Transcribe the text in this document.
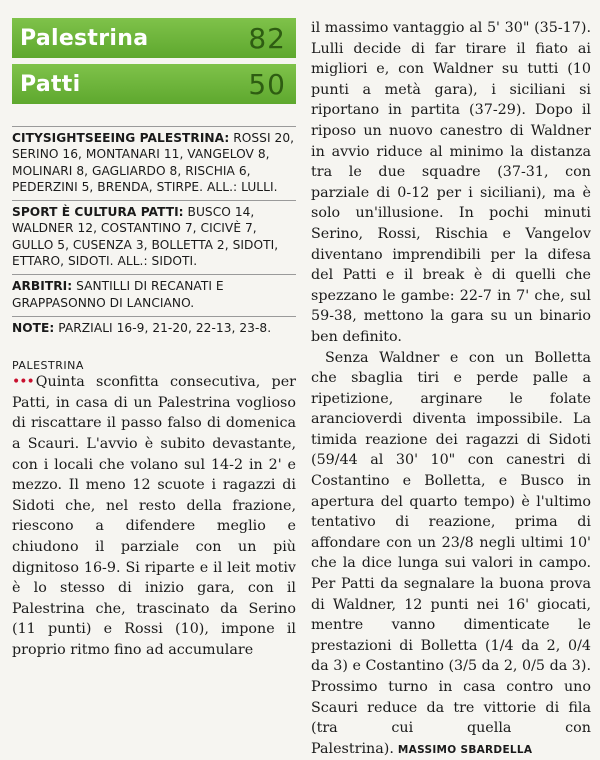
Palestrina	82
Patti	50
CITYSIGHTSEEING PALESTRINA: ROSSI 20, SERINO 16, MONTANARI 11, VANGELOV 8, MOLINARI 8, GAGLIARDO 8, RISCHIA 6, PEDERZINI 5, BRENDA, STIRPE. ALL.: LULLI.
SPORT È CULTURA PATTI: BUSCO 14, WALDNER 12, COSTANTINO 7, CICIVÈ 7, GULLO 5, CUSENZA 3, BOLLETTA 2, SIDOTI, ETTARO, SIDOTI. ALL.: SIDOTI.
ARBITRI: SANTILLI DI RECANATI E GRAPPASONNO DI LANCIANO.
NOTE: PARZIALI 16-9, 21-20, 22-13, 23-8.
PALESTRINA

••• Quinta sconfitta consecutiva, per Patti, in casa di un Palestrina voglioso di riscattare il passo falso di domenica a Scauri. L'avvio è subito devastante, con i locali che volano sul 14-2 in 2' e mezzo. Il meno 12 scuote i ragazzi di Sidoti che, nel resto della frazione, riescono a difendere meglio e chiudono il parziale con un più dignitoso 16-9. Si riparte e il leit motiv è lo stesso di inizio gara, con il Palestrina che, trascinato da Serino (11 punti) e Rossi (10), impone il proprio ritmo fino ad accumulare

il massimo vantaggio al 5' 30" (35-17). Lulli decide di far tirare il fiato ai migliori e, con Waldner su tutti (10 punti a metà gara), i siciliani si riportano in partita (37-29). Dopo il riposo un nuovo canestro di Waldner in avvio riduce al minimo la distanza tra le due squadre (37-31, con parziale di 0-12 per i siciliani), ma è solo un'illusione. In pochi minuti Serino, Rossi, Rischia e Vangelov diventano imprendibili per la difesa del Patti e il break è di quelli che spezzano le gambe: 22-7 in 7' che, sul 59-38, mettono la gara su un binario ben definito.

Senza Waldner e con un Bolletta che sbaglia tiri e perde palle a ripetizione, arginare le folate arancioverdi diventa impossibile. La timida reazione dei ragazzi di Sidoti (59/44 al 30' 10" con canestri di Costantino e Bolletta, e Busco in apertura del quarto tempo) è l'ultimo tentativo di reazione, prima di affondare con un 23/8 negli ultimi 10' che la dice lunga sui valori in campo. Per Patti da segnalare la buona prova di Waldner, 12 punti nei 16' giocati, mentre vanno dimenticate le prestazioni di Bolletta (1/4 da 2, 0/4 da 3) e Costantino (3/5 da 2, 0/5 da 3). Prossimo turno in casa contro uno Scauri reduce da tre vittorie di fila (tra cui quella con Palestrina). MASSIMO SBARDELLA
